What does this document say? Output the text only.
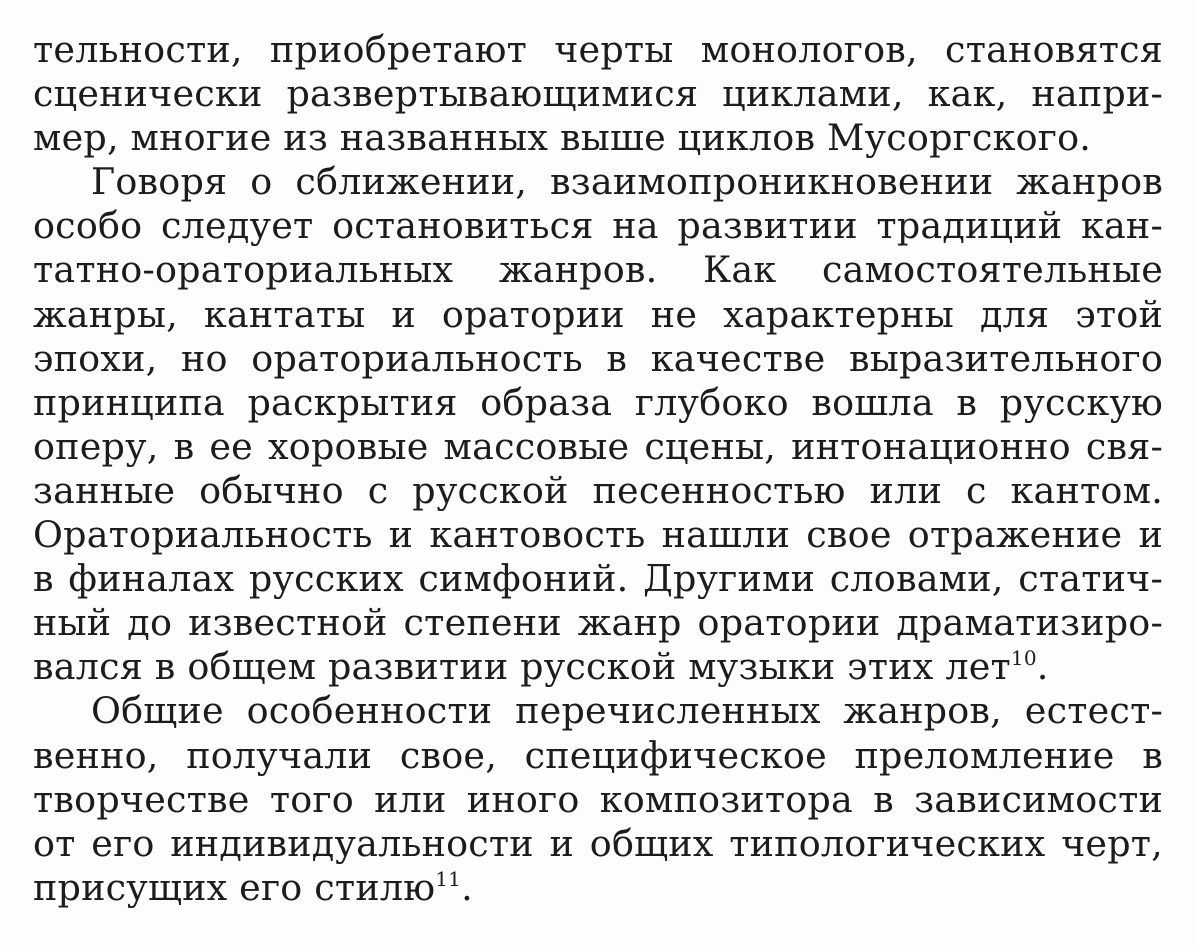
тельности, приобретают черты монологов, становятся
сценически развертывающимися циклами, как, напри-
мер, многие из названных выше циклов Мусоргского.
Говоря о сближении, взаимопроникновении жанров
особо следует остановиться на развитии традиций кан-
татно-ораториальных жанров. Как самостоятельные
жанры, кантаты и оратории не характерны для этой
эпохи, но ораториальность в качестве выразительного
принципа раскрытия образа глубоко вошла в русскую
оперу, в ее хоровые массовые сцены, интонационно свя-
занные обычно с русской песенностью или с кантом.
Ораториальность и кантовость нашли свое отражение и
в финалах русских симфоний. Другими словами, статич-
ный до известной степени жанр оратории драматизиро-
вался в общем развитии русской музыки этих лет$^{10}$.
Общие особенности перечисленных жанров, естест-
венно, получали свое, специфическое преломление в
творчестве того или иного композитора в зависимости
от его индивидуальности и общих типологических черт,
присущих его стилю$^{11}$.
